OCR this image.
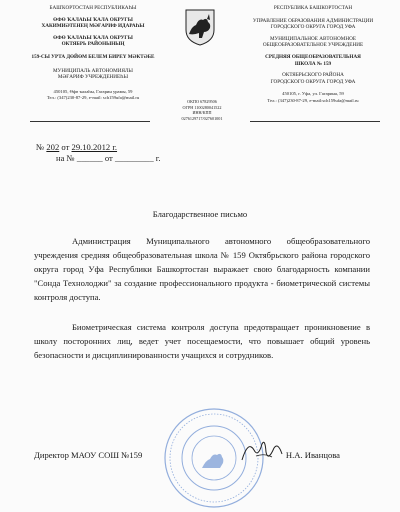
БАШҠОРТОСТАН РЕСПУБЛИКАҺЫ
ӨФӨ ҠАЛАҺЫ ҠАЛА ОКРУГЫ
ХАКИМИӘТЕНЕҢ МӘҒАРИФ ИДАРАҺЫ
ӨФӨ ҠАЛАҺЫ ҠАЛА ОКРУГЫ
ОКТЯБРЬ РАЙОНЫНЫҢ
159-СЫ УРТА ДӨЙӨМ БЕЛЕМ БИРЕҮ МӘКТӘБЕ
МУНИЦИПАЛЬ АВТОНОМИЯЛЫ
МӘҒАРИФ УЧРЕЖДЕНИЕҺЫ
450105, Өфө ҡалаһы, Гагарин урамы, 59
Тел.: (347)230-87-29, e-mail: sch159ufa@mail.ru
РЕСПУБЛИКА БАШКОРТОСТАН
УПРАВЛЕНИЕ ОБРАЗОВАНИЯ АДМИНИСТРАЦИИ
ГОРОДСКОГО ОКРУГА ГОРОД УФА
МУНИЦИПАЛЬНОЕ АВТОНОМНОЕ
ОБЩЕОБРАЗОВАТЕЛЬНОЕ УЧРЕЖДЕНИЕ
СРЕДНЯЯ ОБЩЕОБРАЗОВАТЕЛЬНАЯ
ШКОЛА № 159
ОКТЯБРЬСКОГО РАЙОНА
ГОРОДСКОГО ОКРУГА ГОРОД УФА
450105, г. Уфа, ул. Гагарина, 59
Тел.: (347)230-87-29, e-mail:sch159ufa@mail.ru
ОКПО 67829506
ОГРН 1100280041522
ИНН/КПП
0276129717/027601001
№ 202 от 29.10.2012 г.
на № ______ от _________ г.
Благодарственное письмо
Администрация Муниципального автономного общеобразовательного учреждения средняя общеобразовательная школа № 159 Октябрьского района городского округа город Уфа Республики Башкортостан выражает свою благодарность компании "Сонда Технолоджи" за создание профессионального продукта - биометрической системы контроля доступа.
Биометрическая система контроля доступа предотвращает проникновение в школу посторонних лиц, ведет учет посещаемости, что повышает общий уровень безопасности и дисциплинированности учащихся и сотрудников.
Директор МАОУ СОШ №159	Н.А. Иванцова
